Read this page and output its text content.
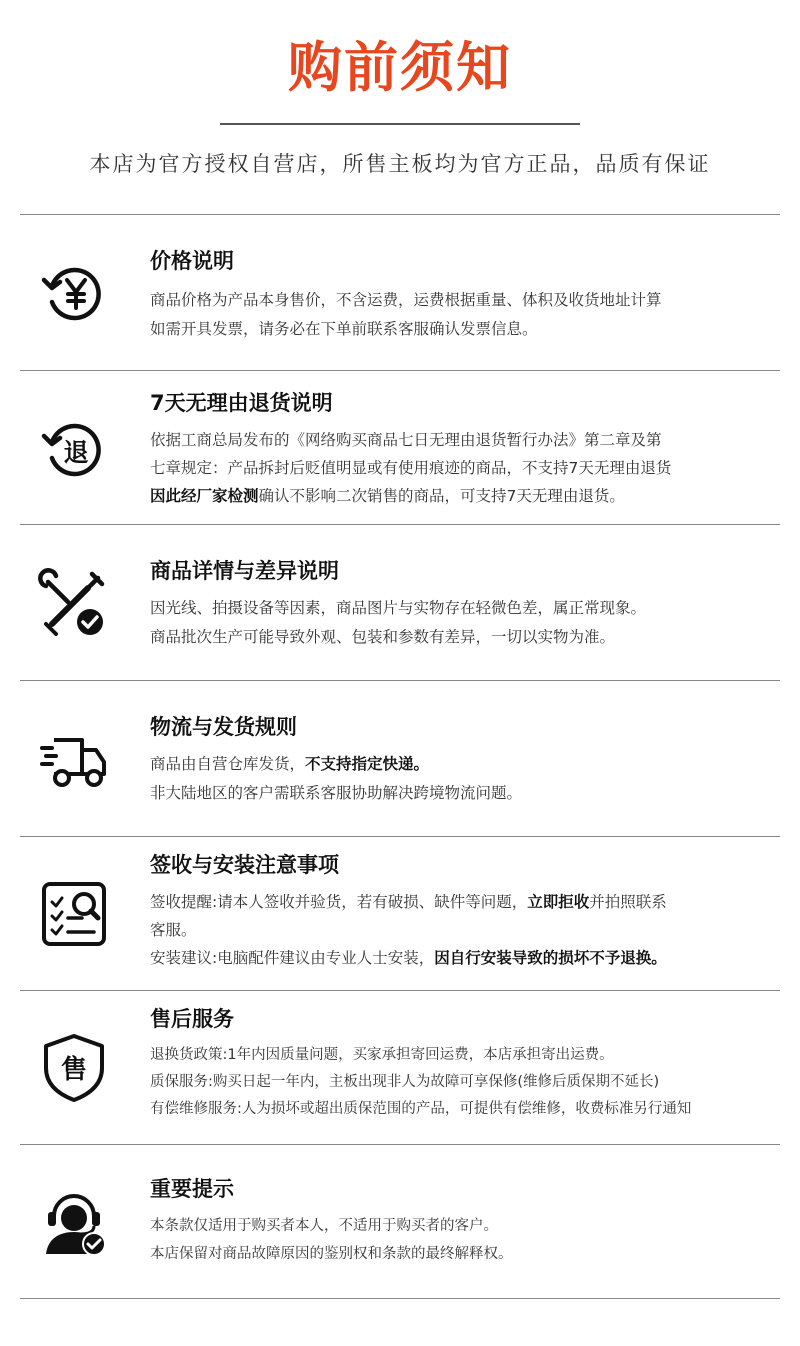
购前须知
本店为官方授权自营店，所售主板均为官方正品，品质有保证
价格说明
商品价格为产品本身售价，不含运费，运费根据重量、体积及收货地址计算
如需开具发票，请务必在下单前联系客服确认发票信息。
退
7天无理由退货说明
依据工商总局发布的《网络购买商品七日无理由退货暂行办法》第二章及第
七章规定：产品拆封后贬值明显或有使用痕迹的商品，不支持7天无理由退货
因此经厂家检测确认不影响二次销售的商品，可支持7天无理由退货。
商品详情与差异说明
因光线、拍摄设备等因素，商品图片与实物存在轻微色差，属正常现象。
商品批次生产可能导致外观、包装和参数有差异，一切以实物为准。
物流与发货规则
商品由自营仓库发货，不支持指定快递。
非大陆地区的客户需联系客服协助解决跨境物流问题。
签收与安装注意事项
签收提醒:请本人签收并验货，若有破损、缺件等问题，立即拒收并拍照联系
客服。
安装建议:电脑配件建议由专业人士安装，因自行安装导致的损坏不予退换。
售
售后服务
退换货政策:1年内因质量问题，买家承担寄回运费，本店承担寄出运费。
质保服务:购买日起一年内，主板出现非人为故障可享保修(维修后质保期不延长)
有偿维修服务:人为损坏或超出质保范围的产品，可提供有偿维修，收费标准另行通知
重要提示
本条款仅适用于购买者本人，不适用于购买者的客户。
本店保留对商品故障原因的鉴别权和条款的最终解释权。
